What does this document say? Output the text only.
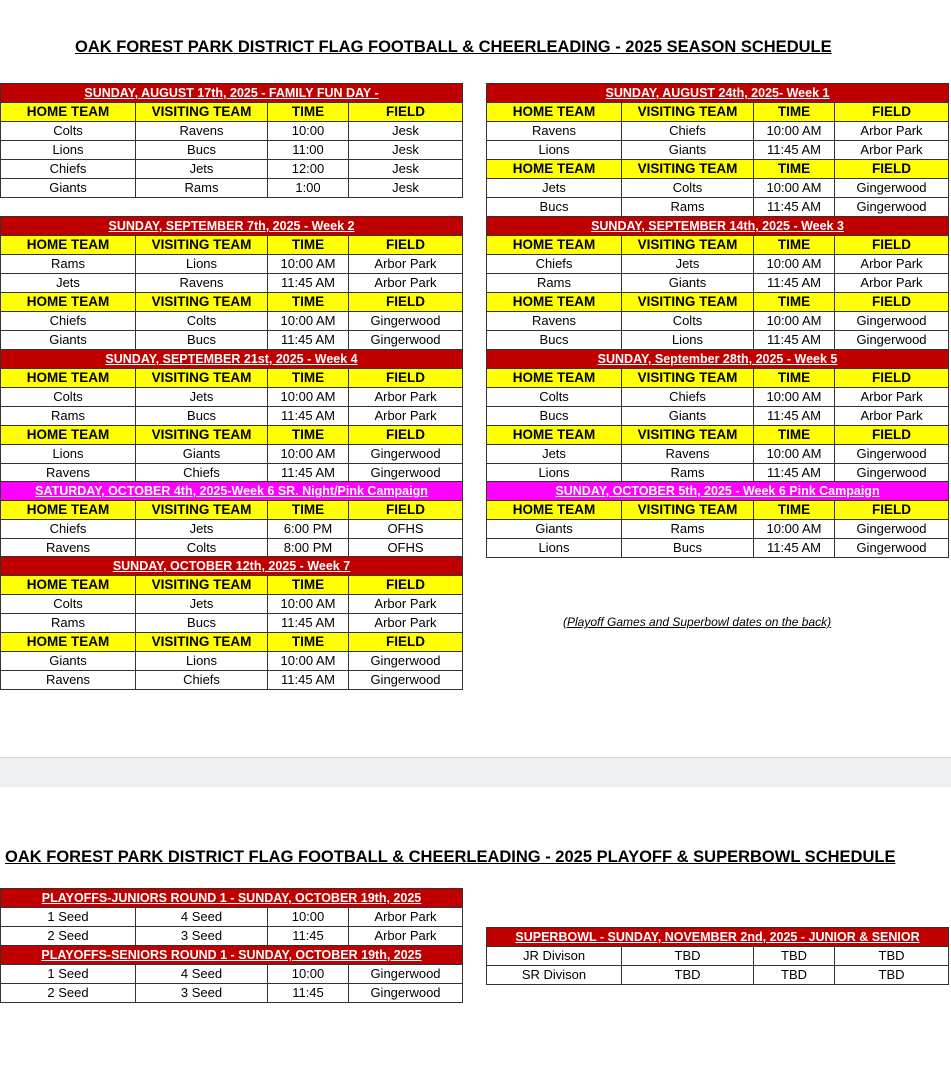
OAK FOREST PARK DISTRICT FLAG FOOTBALL & CHEERLEADING - 2025 SEASON SCHEDULE
SUNDAY, AUGUST 17th, 2025 - FAMILY FUN DAY -			
HOME TEAM	VISITING TEAM	TIME	FIELD
Colts	Ravens	10:00	Jesk
Lions	Bucs	11:00	Jesk
Chiefs	Jets	12:00	Jesk
Giants	Rams	1:00	Jesk
SUNDAY, AUGUST 24th, 2025- Week 1			
HOME TEAM	VISITING TEAM	TIME	FIELD
Ravens	Chiefs	10:00 AM	Arbor Park
Lions	Giants	11:45 AM	Arbor Park
HOME TEAM	VISITING TEAM	TIME	FIELD
Jets	Colts	10:00 AM	Gingerwood
Bucs	Rams	11:45 AM	Gingerwood
SUNDAY, SEPTEMBER 7th, 2025 - Week 2			
HOME TEAM	VISITING TEAM	TIME	FIELD
Rams	Lions	10:00 AM	Arbor Park
Jets	Ravens	11:45 AM	Arbor Park
HOME TEAM	VISITING TEAM	TIME	FIELD
Chiefs	Colts	10:00 AM	Gingerwood
Giants	Bucs	11:45 AM	Gingerwood
SUNDAY, SEPTEMBER 14th, 2025 - Week 3			
HOME TEAM	VISITING TEAM	TIME	FIELD
Chiefs	Jets	10:00 AM	Arbor Park
Rams	Giants	11:45 AM	Arbor Park
HOME TEAM	VISITING TEAM	TIME	FIELD
Ravens	Colts	10:00 AM	Gingerwood
Bucs	Lions	11:45 AM	Gingerwood
SUNDAY, SEPTEMBER 21st, 2025 - Week 4			
HOME TEAM	VISITING TEAM	TIME	FIELD
Colts	Jets	10:00 AM	Arbor Park
Rams	Bucs	11:45 AM	Arbor Park
HOME TEAM	VISITING TEAM	TIME	FIELD
Lions	Giants	10:00 AM	Gingerwood
Ravens	Chiefs	11:45 AM	Gingerwood
SUNDAY, September 28th, 2025 - Week 5			
HOME TEAM	VISITING TEAM	TIME	FIELD
Colts	Chiefs	10:00 AM	Arbor Park
Bucs	Giants	11:45 AM	Arbor Park
HOME TEAM	VISITING TEAM	TIME	FIELD
Jets	Ravens	10:00 AM	Gingerwood
Lions	Rams	11:45 AM	Gingerwood
SATURDAY, OCTOBER 4th, 2025-Week 6 SR. Night/Pink Campaign			
HOME TEAM	VISITING TEAM	TIME	FIELD
Chiefs	Jets	6:00 PM	OFHS
Ravens	Colts	8:00 PM	OFHS
SUNDAY, OCTOBER 5th, 2025 - Week 6 Pink Campaign			
HOME TEAM	VISITING TEAM	TIME	FIELD
Giants	Rams	10:00 AM	Gingerwood
Lions	Bucs	11:45 AM	Gingerwood
SUNDAY, OCTOBER 12th, 2025 - Week 7			
HOME TEAM	VISITING TEAM	TIME	FIELD
Colts	Jets	10:00 AM	Arbor Park
Rams	Bucs	11:45 AM	Arbor Park
HOME TEAM	VISITING TEAM	TIME	FIELD
Giants	Lions	10:00 AM	Gingerwood
Ravens	Chiefs	11:45 AM	Gingerwood
(Playoff Games and Superbowl dates on the back)
OAK FOREST PARK DISTRICT FLAG FOOTBALL & CHEERLEADING - 2025 PLAYOFF & SUPERBOWL SCHEDULE
PLAYOFFS-JUNIORS ROUND 1 - SUNDAY, OCTOBER 19th, 2025			
1 Seed	4 Seed	10:00	Arbor Park
2 Seed	3 Seed	11:45	Arbor Park
PLAYOFFS-SENIORS ROUND 1 - SUNDAY, OCTOBER 19th, 2025			
1 Seed	4 Seed	10:00	Gingerwood
2 Seed	3 Seed	11:45	Gingerwood
SUPERBOWL - SUNDAY, NOVEMBER 2nd, 2025 - JUNIOR & SENIOR			
JR Divison	TBD	TBD	TBD
SR Divison	TBD	TBD	TBD
